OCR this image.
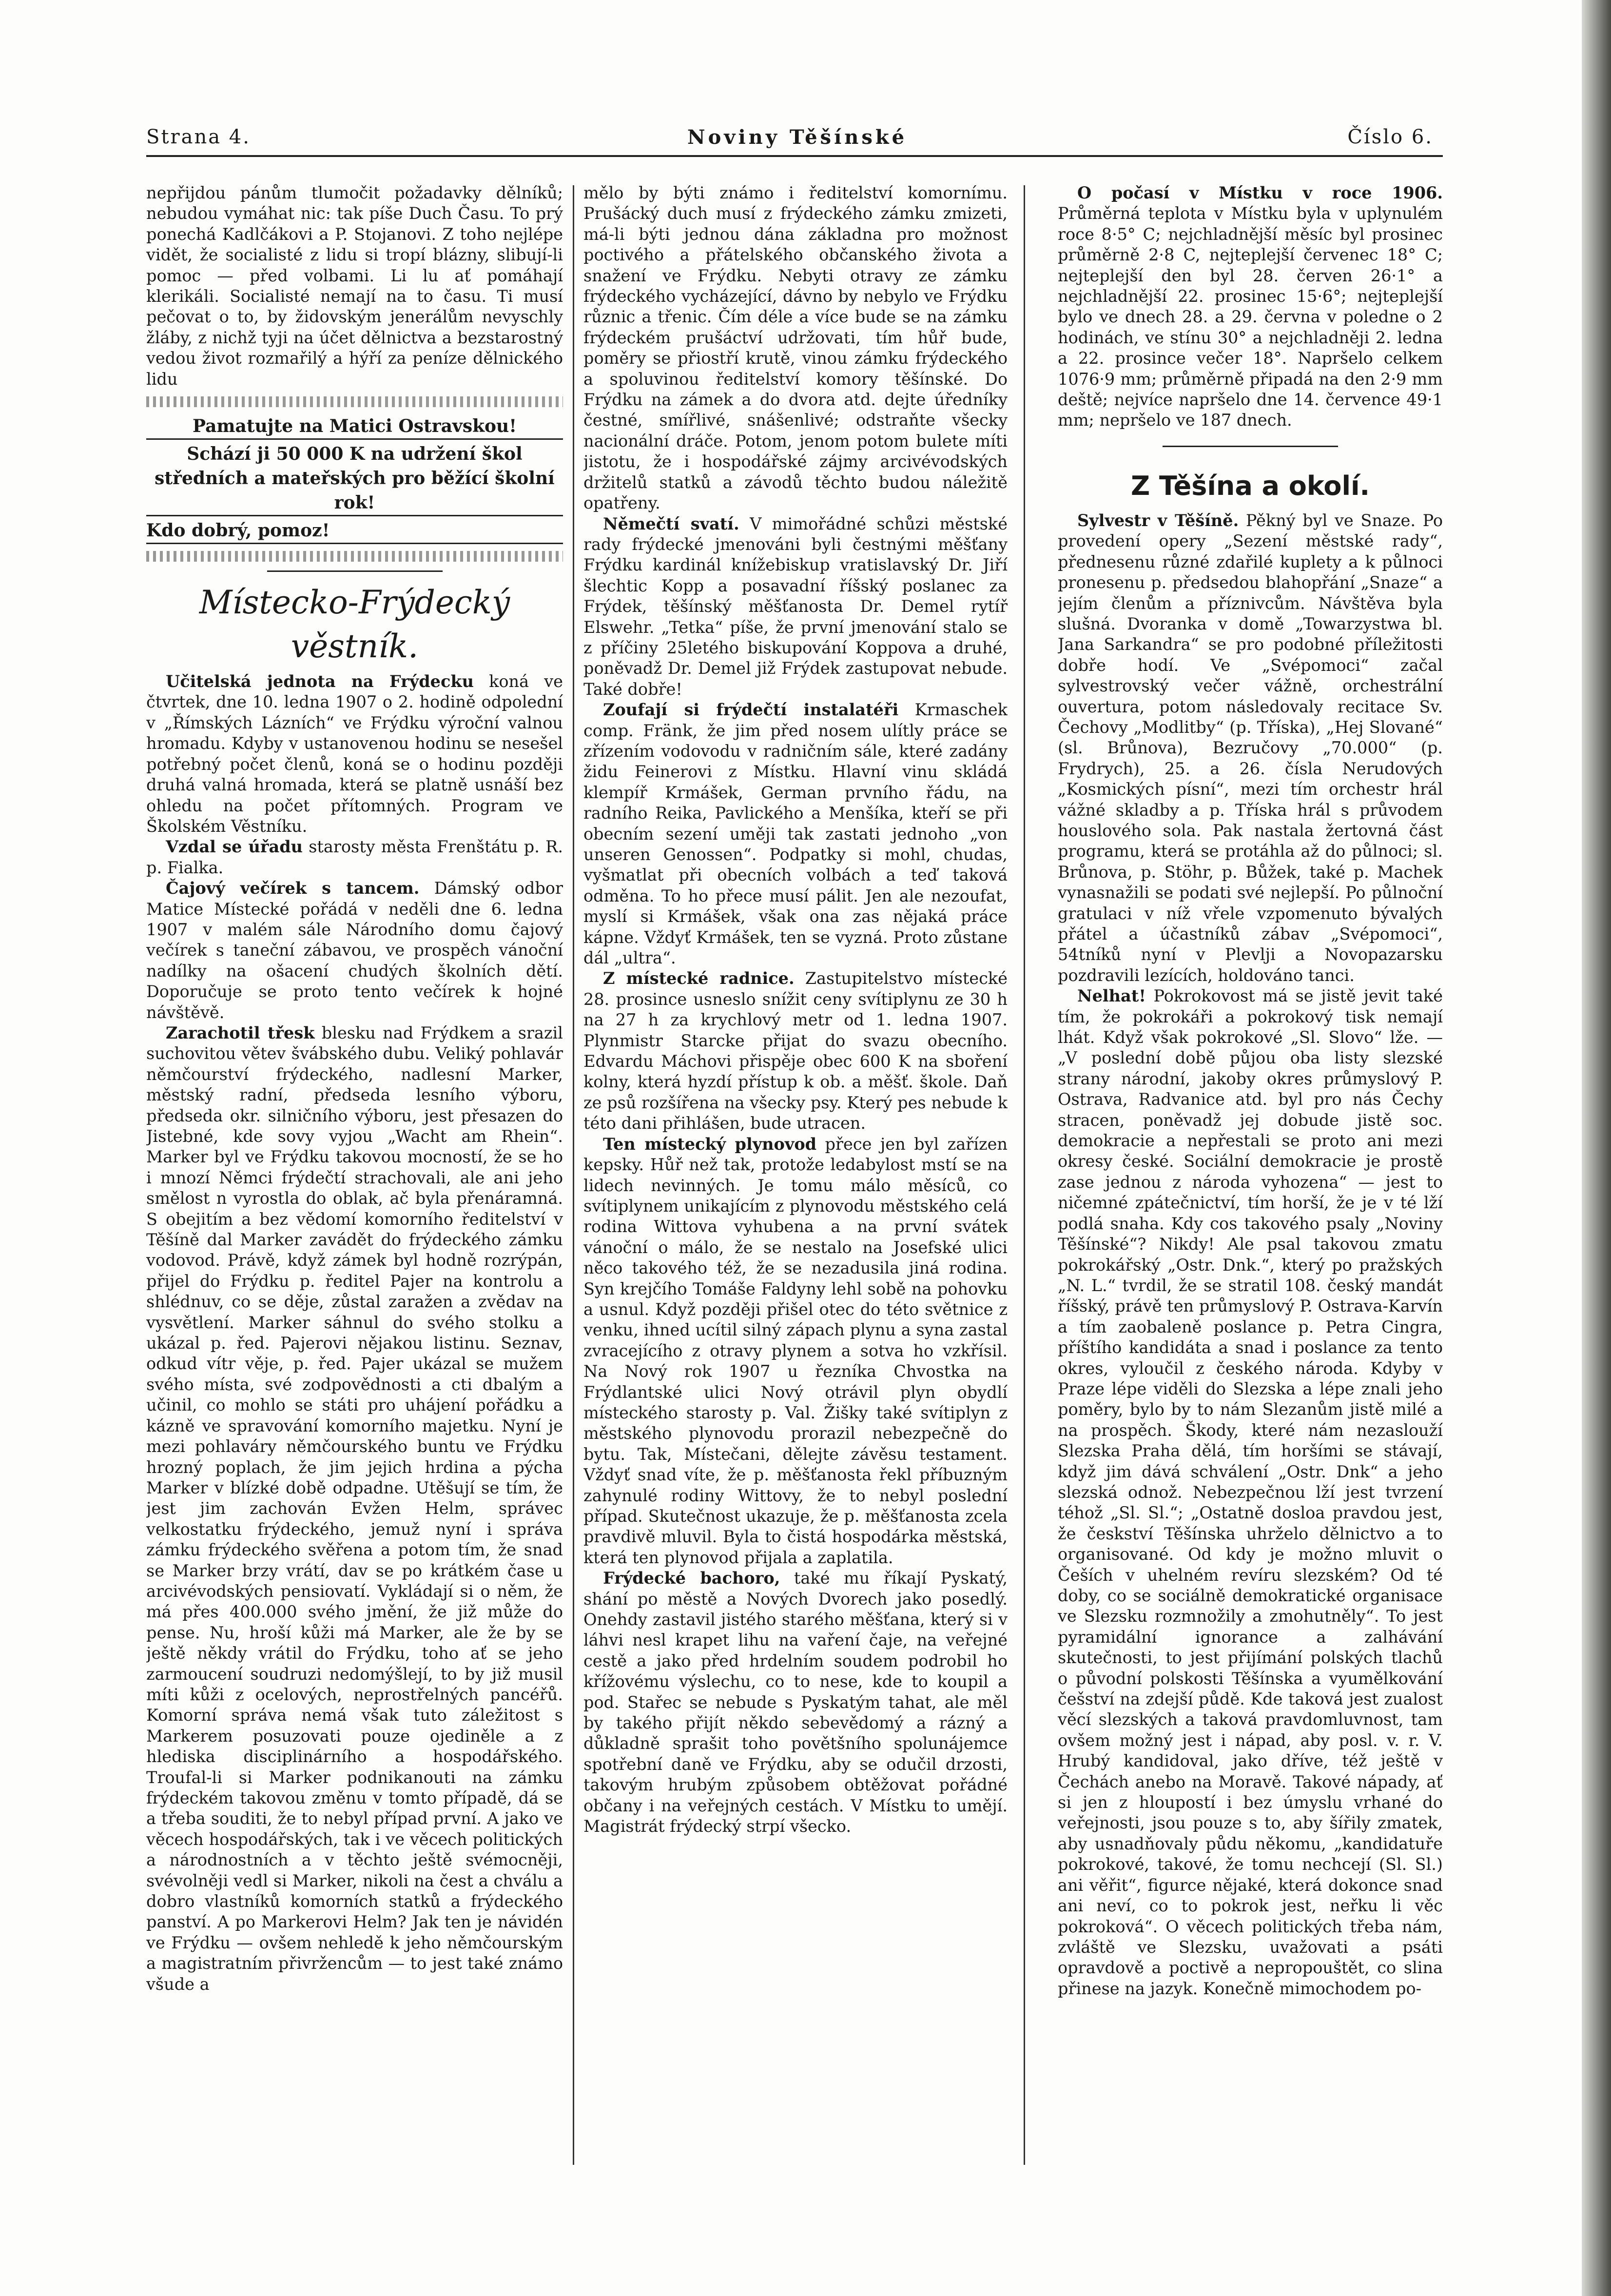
Strana 4.	Noviny Těšínské	Číslo 6.

nepřijdou pánům tlumočit požadavky dělníků; nebudou vymáhat nic: tak píše Duch Času. To prý ponechá Kadlčákovi a P. Stojanovi. Z toho nejlépe vidět, že socialisté z lidu si tropí blázny, slibují-li pomoc — před volbami. Li lu ať pomáhají klerikáli. Socialisté nemají na to času. Ti musí pečovat o to, by židovským jenerálům nevyschly žláby, z nichž tyji na účet dělnictva a bezstarostný vedou život rozmařilý a hýří za peníze dělnického lidu

Pamatujte na Matici Ostravskou!
Schází ji 50 000 K na udržení škol středních a mateřských pro běžící školní rok!
Kdo dobrý, pomoz!
Místecko-Frýdecký věstník.

Učitelská jednota na Frýdecku koná ve čtvrtek, dne 10. ledna 1907 o 2. hodině odpolední v „Římských Lázních“ ve Frýdku výroční valnou hromadu. Kdyby v ustanovenou hodinu se nesešel potřebný počet členů, koná se o hodinu později druhá valná hromada, která se platně usnáší bez ohledu na počet přítomných. Program ve Školském Věstníku.

Vzdal se úřadu starosty města Frenštátu p. R. p. Fialka.

Čajový večírek s tancem. Dámský odbor Matice Místecké pořádá v neděli dne 6. ledna 1907 v malém sále Národního domu čajový večírek s taneční zábavou, ve prospěch vánoční nadílky na ošacení chudých školních dětí. Doporučuje se proto tento večírek k hojné návštěvě.

Zarachotil třesk blesku nad Frýdkem a srazil suchovitou větev švábského dubu. Veliký pohlavár němčourství frýdeckého, nadlesní Marker, městský radní, předseda lesního výboru, předseda okr. silničního výboru, jest přesazen do Jistebné, kde sovy vyjou „Wacht am Rhein“. Marker byl ve Frýdku takovou mocností, že se ho i mnozí Němci frýdečtí strachovali, ale ani jeho smělost n vyrostla do oblak, ač byla přenáramná. S obejitím a bez vědomí komorního ředitelství v Těšíně dal Marker zavádět do frýdeckého zámku vodovod. Právě, když zámek byl hodně rozrýpán, přijel do Frýdku p. ředitel Pajer na kontrolu a shlédnuv, co se děje, zůstal zaražen a zvědav na vysvětlení. Marker sáhnul do svého stolku a ukázal p. řed. Pajerovi nějakou listinu. Seznav, odkud vítr věje, p. řed. Pajer ukázal se mužem svého místa, své zodpovědnosti a cti dbalým a učinil, co mohlo se státi pro uhájení pořádku a kázně ve spravování komorního majetku. Nyní je mezi pohlaváry němčourského buntu ve Frýdku hrozný poplach, že jim jejich hrdina a pýcha Marker v blízké době odpadne. Utěšují se tím, že jest jim zachován Evžen Helm, správec velkostatku frýdeckého, jemuž nyní i správa zámku frýdeckého svěřena a potom tím, že snad se Marker brzy vrátí, dav se po krátkém čase u arcivévodských pensiovatí. Vykládají si o něm, že má přes 400.000 svého jmění, že již může do pense. Nu, hroší kůži má Marker, ale že by se ještě někdy vrátil do Frýdku, toho ať se jeho zarmoucení soudruzi nedomýšlejí, to by již musil míti kůži z ocelových, neprostřelných pancéřů. Komorní správa nemá však tuto záležitost s Markerem posuzovati pouze ojediněle a z hlediska disciplinárního a hospodářského. Troufal-li si Marker podnikanouti na zámku frýdeckém takovou změnu v tomto případě, dá se a třeba souditi, že to nebyl případ první. A jako ve věcech hospodářských, tak i ve věcech politických a národnostních a v těchto ještě svémocněji, svévolněji vedl si Marker, nikoli na čest a chválu a dobro vlastníků komorních statků a frýdeckého panství. A po Markerovi Helm? Jak ten je návidén ve Frýdku — ovšem nehledě k jeho němčourským a magistratním přivržencům — to jest také známo všude a

mělo by býti známo i ředitelství komornímu. Prušácký duch musí z frýdeckého zámku zmizeti, má-li býti jednou dána základna pro možnost poctivého a přátelského občanského života a snažení ve Frýdku. Nebyti otravy ze zámku frýdeckého vycházející, dávno by nebylo ve Frýdku různic a třenic. Čím déle a více bude se na zámku frýdeckém prušáctví udržovati, tím hůř bude, poměry se přiostří krutě, vinou zámku frýdeckého a spoluvinou ředitelství komory těšínské. Do Frýdku na zámek a do dvora atd. dejte úředníky čestné, smířlivé, snášenlivé; odstraňte všecky nacionální dráče. Potom, jenom potom bulete míti jistotu, že i hospodářské zájmy arcivévodských držitelů statků a závodů těchto budou náležitě opatřeny.

Němečtí svatí. V mimořádné schůzi městské rady frýdecké jmenováni byli čestnými měšťany Frýdku kardinál knížebiskup vratislavský Dr. Jiří šlechtic Kopp a posavadní říšský poslanec za Frýdek, těšínský měšťanosta Dr. Demel rytíř Elswehr. „Tetka“ píše, že první jmenování stalo se z příčiny 25letého biskupování Koppova a druhé, poněvadž Dr. Demel již Frýdek zastupovat nebude. Také dobře!

Zoufají si frýdečtí instalatéři Krmaschek comp. Fränk, že jim před nosem ulítly práce se zřízením vodovodu v radničním sále, které zadány židu Feinerovi z Místku. Hlavní vinu skládá klempíř Krmášek, German prvního řádu, na radního Reika, Pavlického a Menšíka, kteří se při obecním sezení uměji tak zastati jednoho „von unseren Genossen“. Podpatky si mohl, chudas, vyšmatlat při obecních volbách a teď taková odměna. To ho přece musí pálit. Jen ale nezoufat, myslí si Krmášek, však ona zas nějaká práce kápne. Vždyť Krmášek, ten se vyzná. Proto zůstane dál „ultra“.

Z místecké radnice. Zastupitelstvo místecké 28. prosince usneslo snížit ceny svítiplynu ze 30 h na 27 h za krychlový metr od 1. ledna 1907. Plynmistr Starcke přijat do svazu obecního. Edvardu Máchovi přispěje obec 600 K na sboření kolny, která hyzdí přístup k ob. a měšť. škole. Daň ze psů rozšířena na všecky psy. Který pes nebude k této dani přihlášen, bude utracen.

Ten místecký plynovod přece jen byl zařízen kepsky. Hůř než tak, protože ledabylost mstí se na lidech nevinných. Je tomu málo měsíců, co svítiplynem unikajícím z plynovodu městského celá rodina Wittova vyhubena a na první svátek vánoční o málo, že se nestalo na Josefské ulici něco takového též, že se nezadusila jiná rodina. Syn krejčího Tomáše Faldyny lehl sobě na pohovku a usnul. Když později přišel otec do této světnice z venku, ihned ucítil silný zápach plynu a syna zastal zvracejícího z otravy plynem a sotva ho vzkřísil. Na Nový rok 1907 u řezníka Chvostka na Frýdlantské ulici Nový otrávil plyn obydlí místeckého starosty p. Val. Žišky také svítiplyn z městského plynovodu prorazil nebezpečně do bytu. Tak, Místečani, dělejte závěsu testament. Vždyť snad víte, že p. měšťanosta řekl příbuzným zahynulé rodiny Wittovy, že to nebyl poslední případ. Skutečnost ukazuje, že p. měšťanosta zcela pravdivě mluvil. Byla to čistá hospodárka městská, která ten plynovod přijala a zaplatila.

Frýdecké bachoro, také mu říkají Pyskatý, shání po městě a Nových Dvorech jako posedlý. Onehdy zastavil jistého starého měšťana, který si v láhvi nesl krapet lihu na vaření čaje, na veřejné cestě a jako před hrdelním soudem podrobil ho křížovému výslechu, co to nese, kde to koupil a pod. Stařec se nebude s Pyskatým tahat, ale měl by takého přijít někdo sebevědomý a rázný a důkladně sprašit toho povětšního spolunájemce spotřební daně ve Frýdku, aby se odučil drzosti, takovým hrubým způsobem obtěžovat pořádné občany i na veřejných cestách. V Místku to umějí. Magistrát frýdecký strpí všecko.

O počasí v Místku v roce 1906. Průměrná teplota v Místku byla v uplynulém roce 8·5° C; nejchladnější měsíc byl prosinec průměrně 2·8 C, nejteplejší červenec 18° C; nejteplejší den byl 28. červen 26·1° a nejchladnější 22. prosinec 15·6°; nejteplejší bylo ve dnech 28. a 29. června v poledne o 2 hodinách, ve stínu 30° a nejchladněji 2. ledna a 22. prosince večer 18°. Napršelo celkem 1076·9 mm; průměrně připadá na den 2·9 mm deště; nejvíce napršelo dne 14. července 49·1 mm; nepršelo ve 187 dnech.

Z Těšína a okolí.

Sylvestr v Těšíně. Pěkný byl ve Snaze. Po provedení opery „Sezení městské rady“, přednesenu různé zdařilé kuplety a k půlnoci pronesenu p. předsedou blahopřání „Snaze“ a jejím členům a příznivcům. Návštěva byla slušná. Dvoranka v domě „Towarzystwa bl. Jana Sarkandra“ se pro podobné příležitosti dobře hodí. Ve „Svépomoci“ začal sylvestrovský večer vážně, orchestrální ouvertura, potom následovaly recitace Sv. Čechovy „Modlitby“ (p. Tříska), „Hej Slované“ (sl. Brůnova), Bezručovy „70.000“ (p. Frydrych), 25. a 26. čísla Nerudových „Kosmických písní“, mezi tím orchestr hrál vážné skladby a p. Tříska hrál s průvodem houslového sola. Pak nastala žertovná část programu, která se protáhla až do půlnoci; sl. Brůnova, p. Stöhr, p. Bůžek, také p. Machek vynasnažili se podati své nejlepší. Po půlnoční gratulaci v níž vřele vzpomenuto bývalých přátel a účastníků zábav „Svépomoci“, 54tníků nyní v Plevlji a Novopazarsku pozdravili lezících, holdováno tanci.

Nelhat! Pokrokovost má se jistě jevit také tím, že pokrokáři a pokrokový tisk nemají lhát. Když však pokrokové „Sl. Slovo“ lže. — „V poslední době půjou oba listy slezské strany národní, jakoby okres průmyslový P. Ostrava, Radvanice atd. byl pro nás Čechy stracen, poněvadž jej dobude jistě soc. demokracie a nepřestali se proto ani mezi okresy české. Sociální demokracie je prostě zase jednou z národa vyhozena“ — jest to ničemné zpátečnictví, tím horší, že je v té lží podlá snaha. Kdy cos takového psaly „Noviny Těšínské“? Nikdy! Ale psal takovou zmatu pokrokářský „Ostr. Dnk.“, který po pražských „N. L.“ tvrdil, že se stratil 108. český mandát říšský, právě ten průmyslový P. Ostrava-Karvín a tím zaobaleně poslance p. Petra Cingra, příštího kandidáta a snad i poslance za tento okres, vyloučil z českého národa. Kdyby v Praze lépe viděli do Slezska a lépe znali jeho poměry, bylo by to nám Slezanům jistě milé a na prospěch. Škody, které nám nezaslouží Slezska Praha dělá, tím horšími se stávají, když jim dává schválení „Ostr. Dnk“ a jeho slezská odnož. Nebezpečnou lží jest tvrzení téhož „Sl. Sl.“; „Ostatně dosloa pravdou jest, že českství Těšínska uhrželo dělnictvo a to organisované. Od kdy je možno mluvit o Češích v uhelném revíru slezském? Od té doby, co se sociálně demokratické organisace ve Slezsku rozmnožily a zmohutněly“. To jest pyramidální ignorance a zalhávání skutečnosti, to jest přijímání polských tlachů o původní polskosti Těšínska a vyumělkování češství na zdejší půdě. Kde taková jest zualost věcí slezských a taková pravdomluvnost, tam ovšem možný jest i nápad, aby posl. v. r. V. Hrubý kandidoval, jako dříve, též ještě v Čechách anebo na Moravě. Takové nápady, ať si jen z hloupostí i bez úmyslu vrhané do veřejnosti, jsou pouze s to, aby šířily zmatek, aby usnadňovaly půdu někomu, „kandidatuře pokrokové, takové, že tomu nechcejí (Sl. Sl.) ani věřit“, figurce nějaké, která dokonce snad ani neví, co to pokrok jest, neřku li věc pokroková“. O věcech politických třeba nám, zvláště ve Slezsku, uvažovati a psáti opravdově a poctivě a nepropouštět, co slina přinese na jazyk. Konečně mimochodem po-
